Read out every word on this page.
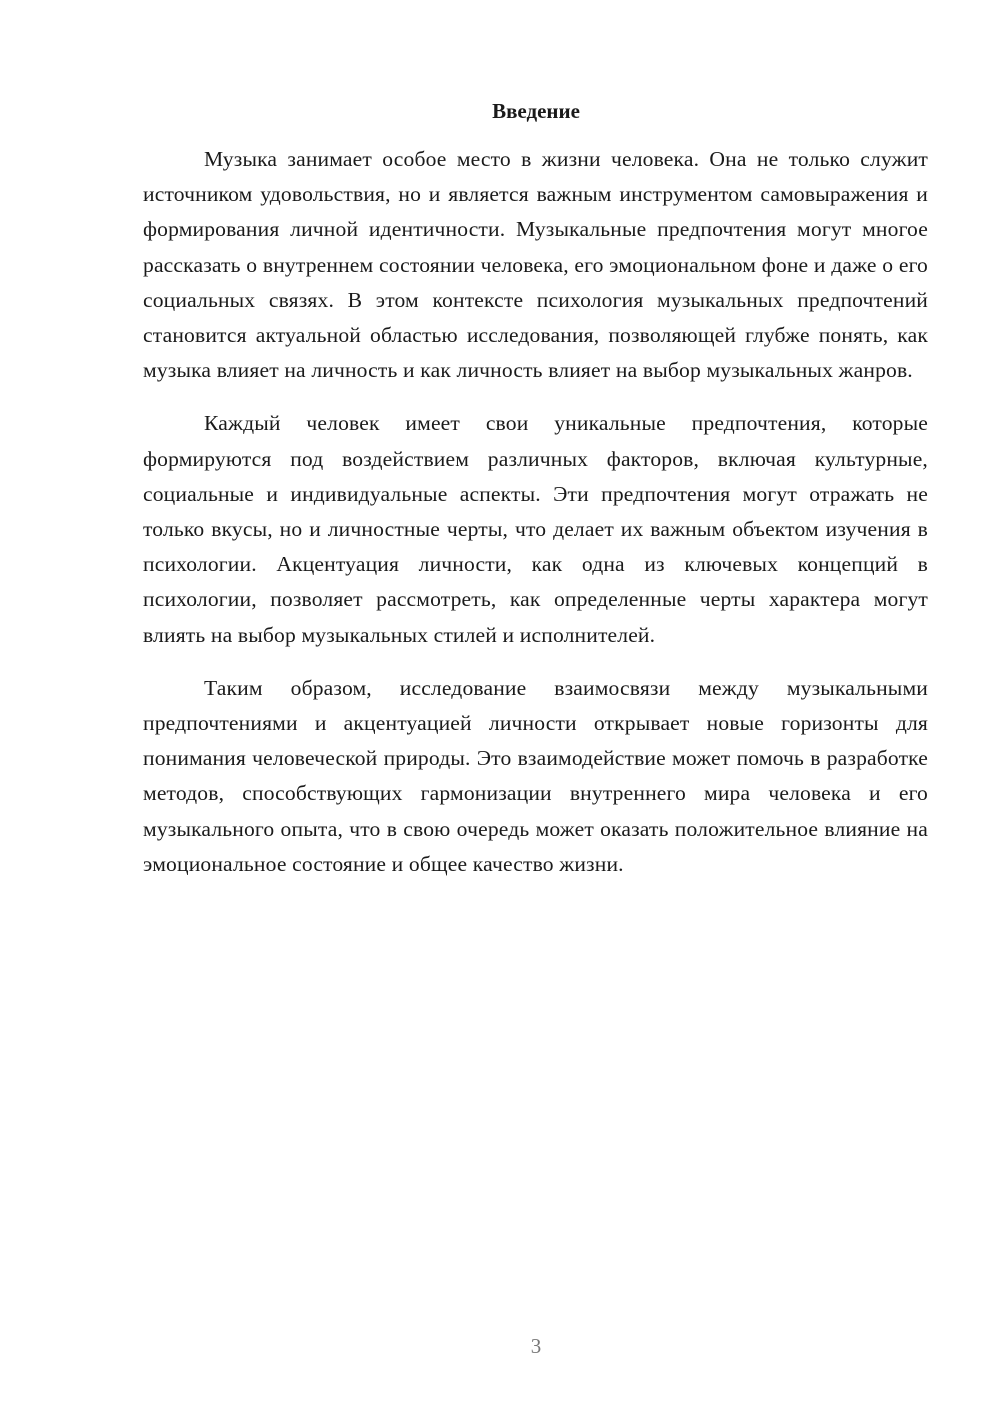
Введение

Музыка занимает особое место в жизни человека. Она не только служит источником удовольствия, но и является важным инструментом самовыражения и формирования личной идентичности. Музыкальные предпочтения могут многое рассказать о внутреннем состоянии человека, его эмоциональном фоне и даже о его социальных связях. В этом контексте психология музыкальных предпочтений становится актуальной областью исследования, позволяющей глубже понять, как музыка влияет на личность и как личность влияет на выбор музыкальных жанров.

Каждый человек имеет свои уникальные предпочтения, которые формируются под воздействием различных факторов, включая культурные, социальные и индивидуальные аспекты. Эти предпочтения могут отражать не только вкусы, но и личностные черты, что делает их важным объектом изучения в психологии. Акцентуация личности, как одна из ключевых концепций в психологии, позволяет рассмотреть, как определенные черты характера могут влиять на выбор музыкальных стилей и исполнителей.

Таким образом, исследование взаимосвязи между музыкальными предпочтениями и акцентуацией личности открывает новые горизонты для понимания человеческой природы. Это взаимодействие может помочь в разработке методов, способствующих гармонизации внутреннего мира человека и его музыкального опыта, что в свою очередь может оказать положительное влияние на эмоциональное состояние и общее качество жизни.

3
